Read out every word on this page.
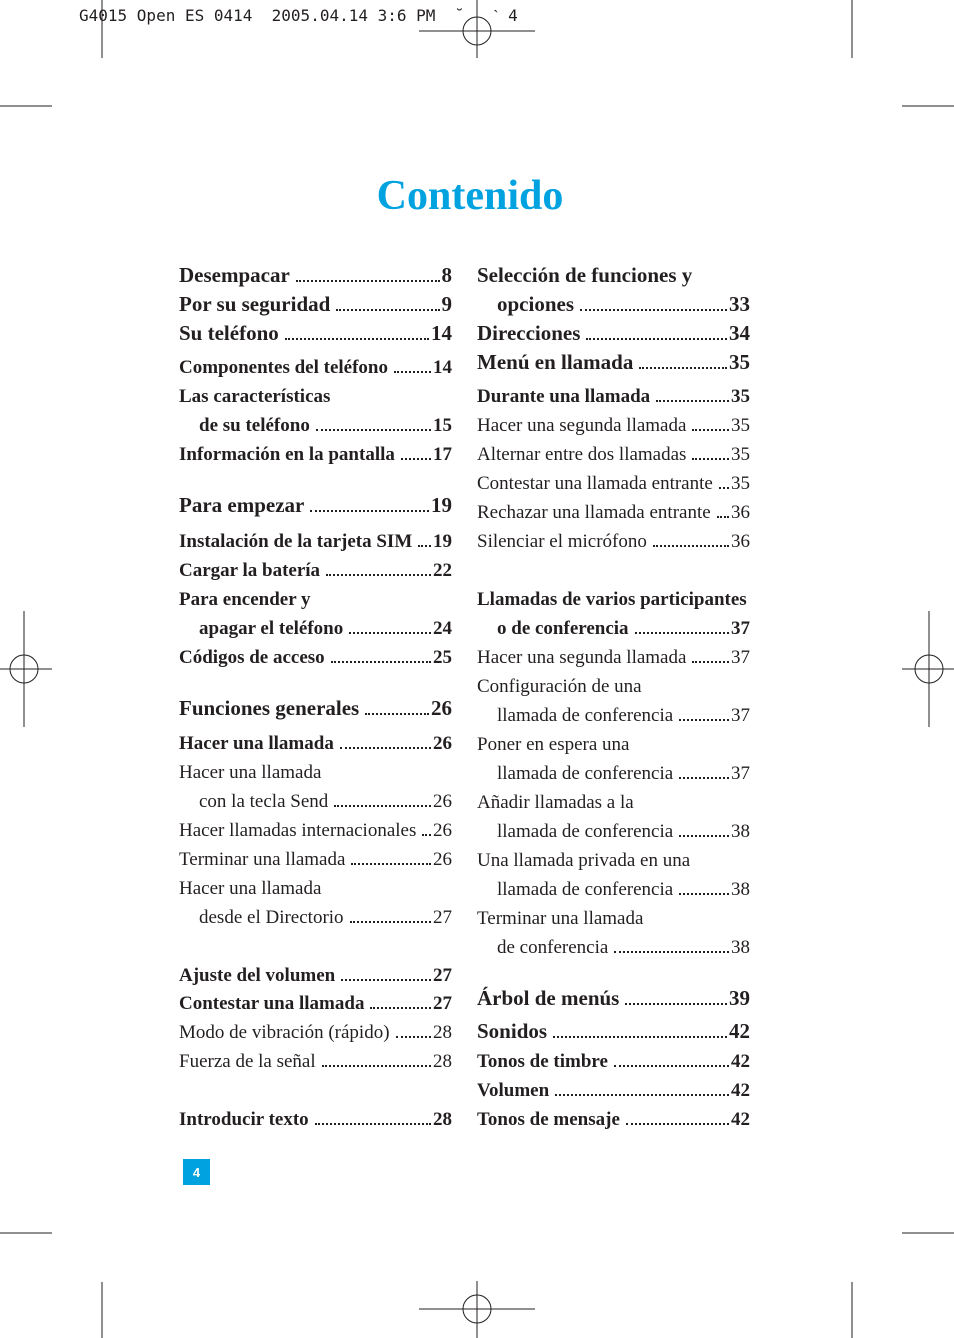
G4015 Open ES 0414  2005.04.14 3:6 PM  ˘   ˋ 4
Contenido
Desempacar	8
Por su seguridad	9
Su teléfono	14
Componentes del teléfono 14
Las características
de su teléfono	15
Información en la pantalla 17
Para empezar	19
Instalación de la tarjeta SIM 19
Cargar la batería	22
Para encender y
apagar el teléfono	24
Códigos de acceso	25
Funciones generales	26
Hacer una llamada	26
Hacer una llamada
con la tecla Send	26
Hacer llamadas internacionales 26
Terminar una llamada	26
Hacer una llamada
desde el Directorio	27
Ajuste del volumen	27
Contestar una llamada	27
Modo de vibración (rápido) 28
Fuerza de la señal	28
Introducir texto	28
Selección de funciones y
opciones	33
Direcciones	34
Menú en llamada	35
Durante una llamada	35
Hacer una segunda llamada 35
Alternar entre dos llamadas 35
Contestar una llamada entrante 35
Rechazar una llamada entrante 36
Silenciar el micrófono	36
Llamadas de varios participantes
o de conferencia	37
Hacer una segunda llamada 37
Configuración de una
llamada de conferencia	37
Poner en espera una
llamada de conferencia	37
Añadir llamadas a la
llamada de conferencia	38
Una llamada privada en una
llamada de conferencia	38
Terminar una llamada
de conferencia	38
Árbol de menús	39
Sonidos	42
Tonos de timbre	42
Volumen	42
Tonos de mensaje	42
4
